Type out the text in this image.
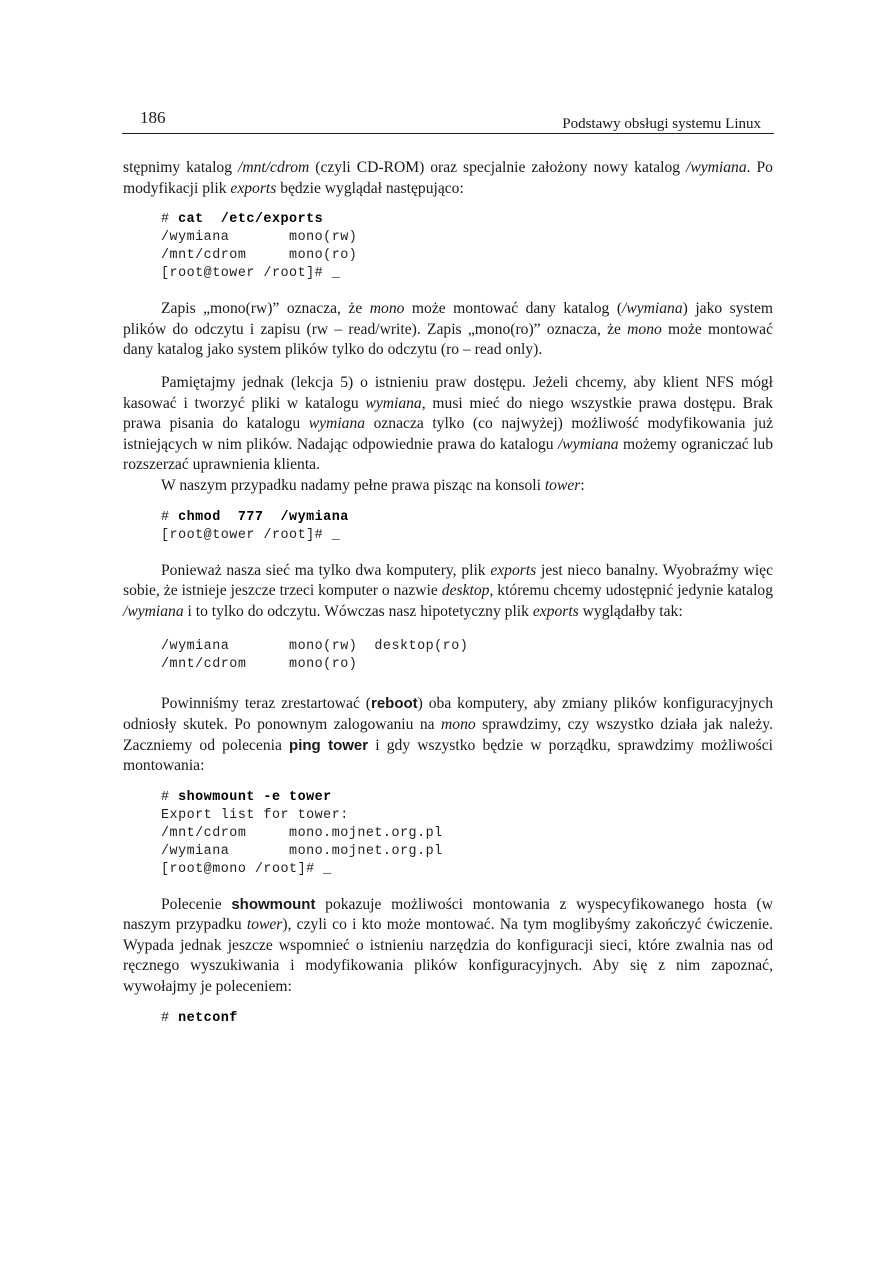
186	Podstawy obsługi systemu Linux

stępnimy katalog /mnt/cdrom (czyli CD-ROM) oraz specjalnie założony nowy katalog /wymiana. Po modyfikacji plik exports będzie wyglądał następująco:

# cat  /etc/exports
/wymiana       mono(rw)
/mnt/cdrom     mono(ro)
[root@tower /root]# _

Zapis „mono(rw)” oznacza, że mono może montować dany katalog (/wymiana) jako system plików do odczytu i zapisu (rw – read/write). Zapis „mono(ro)” oznacza, że mono może montować dany katalog jako system plików tylko do odczytu (ro – read only).

Pamiętajmy jednak (lekcja 5) o istnieniu praw dostępu. Jeżeli chcemy, aby klient NFS mógł kasować i tworzyć pliki w katalogu wymiana, musi mieć do niego wszystkie prawa dostępu. Brak prawa pisania do katalogu wymiana oznacza tylko (co najwyżej) możliwość modyfikowania już istniejących w nim plików. Nadając odpowiednie prawa do katalogu /wymiana możemy ograniczać lub rozszerzać uprawnienia klienta.

W naszym przypadku nadamy pełne prawa pisząc na konsoli tower:

# chmod  777  /wymiana
[root@tower /root]# _

Ponieważ nasza sieć ma tylko dwa komputery, plik exports jest nieco banalny. Wyobraźmy więc sobie, że istnieje jeszcze trzeci komputer o nazwie desktop, któremu chcemy udostępnić jedynie katalog /wymiana i to tylko do odczytu. Wówczas nasz hipotetyczny plik exports wyglądałby tak:

/wymiana       mono(rw)  desktop(ro)
/mnt/cdrom     mono(ro)

Powinniśmy teraz zrestartować (reboot) oba komputery, aby zmiany plików konfiguracyjnych odniosły skutek. Po ponownym zalogowaniu na mono sprawdzimy, czy wszystko działa jak należy. Zaczniemy od polecenia ping tower i gdy wszystko będzie w porządku, sprawdzimy możliwości montowania:

# showmount -e tower
Export list for tower:
/mnt/cdrom     mono.mojnet.org.pl
/wymiana       mono.mojnet.org.pl
[root@mono /root]# _

Polecenie showmount pokazuje możliwości montowania z wyspecyfikowanego hosta (w naszym przypadku tower), czyli co i kto może montować. Na tym moglibyśmy zakończyć ćwiczenie. Wypada jednak jeszcze wspomnieć o istnieniu narzędzia do konfiguracji sieci, które zwalnia nas od ręcznego wyszukiwania i modyfikowania plików konfiguracyjnych. Aby się z nim zapoznać, wywołajmy je poleceniem:

# netconf
